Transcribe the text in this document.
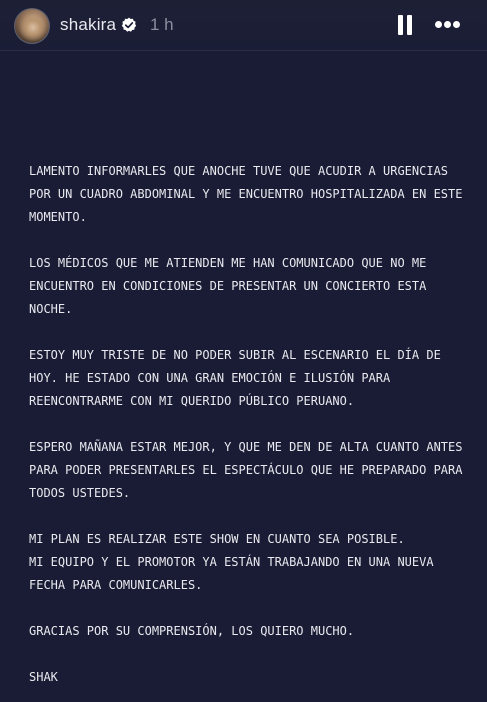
shakira 1 h
LAMENTO INFORMARLES QUE ANOCHE TUVE QUE ACUDIR A URGENCIAS
POR UN CUADRO ABDOMINAL Y ME ENCUENTRO HOSPITALIZADA EN ESTE
MOMENTO.
LOS MÉDICOS QUE ME ATIENDEN ME HAN COMUNICADO QUE NO ME
ENCUENTRO EN CONDICIONES DE PRESENTAR UN CONCIERTO ESTA
NOCHE.
ESTOY MUY TRISTE DE NO PODER SUBIR AL ESCENARIO EL DÍA DE
HOY. HE ESTADO CON UNA GRAN EMOCIÓN E ILUSIÓN PARA
REENCONTRARME CON MI QUERIDO PÚBLICO PERUANO.
ESPERO MAÑANA ESTAR MEJOR, Y QUE ME DEN DE ALTA CUANTO ANTES
PARA PODER PRESENTARLES EL ESPECTÁCULO QUE HE PREPARADO PARA
TODOS USTEDES.
MI PLAN ES REALIZAR ESTE SHOW EN CUANTO SEA POSIBLE.
MI EQUIPO Y EL PROMOTOR YA ESTÁN TRABAJANDO EN UNA NUEVA
FECHA PARA COMUNICARLES.
GRACIAS POR SU COMPRENSIÓN, LOS QUIERO MUCHO.
SHAK
